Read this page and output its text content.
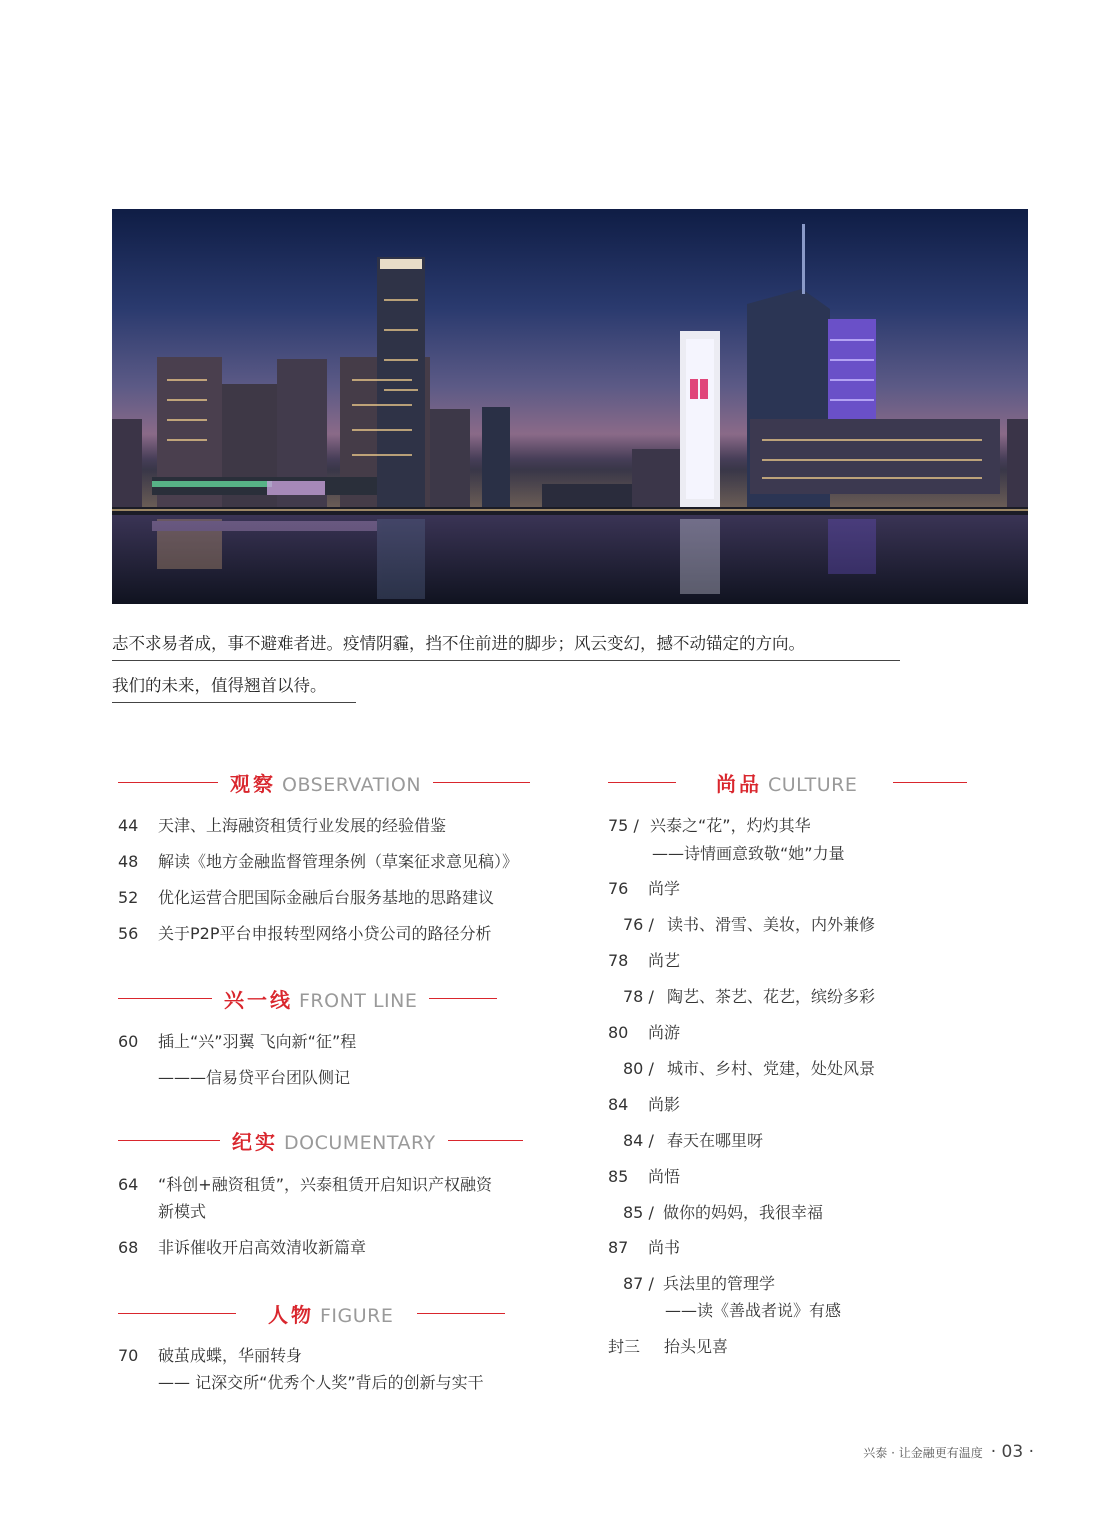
志不求易者成，事不避难者进。疫情阴霾，挡不住前进的脚步；风云变幻，撼不动锚定的方向。
我们的未来，值得翘首以待。
观察 OBSERVATION
44 天津、上海融资租赁行业发展的经验借鉴
48 解读《地方金融监督管理条例（草案征求意见稿）》
52 优化运营合肥国际金融后台服务基地的思路建议
56 关于P2P平台申报转型网络小贷公司的路径分析
兴一线 FRONT LINE
60 插上“兴”羽翼 飞向新“征”程
———信易贷平台团队侧记
纪实 DOCUMENTARY
64 “科创+融资租赁”，兴泰租赁开启知识产权融资
新模式
68 非诉催收开启高效清收新篇章
人物 FIGURE
70 破茧成蝶，华丽转身
—— 记深交所“优秀个人奖”背后的创新与实干
尚品 CULTURE
75 / 兴泰之“花”，灼灼其华
——诗情画意致敬“她”力量
76 尚学
76 / 读书、滑雪、美妆，内外兼修
78 尚艺
78 / 陶艺、茶艺、花艺，缤纷多彩
80 尚游
80 / 城市、乡村、党建，处处风景
84 尚影
84 / 春天在哪里呀
85 尚悟
85 / 做你的妈妈，我很幸福
87 尚书
87 / 兵法里的管理学
——读《善战者说》有感
封三 抬头见喜
兴泰 · 让金融更有温度 · 03 ·
